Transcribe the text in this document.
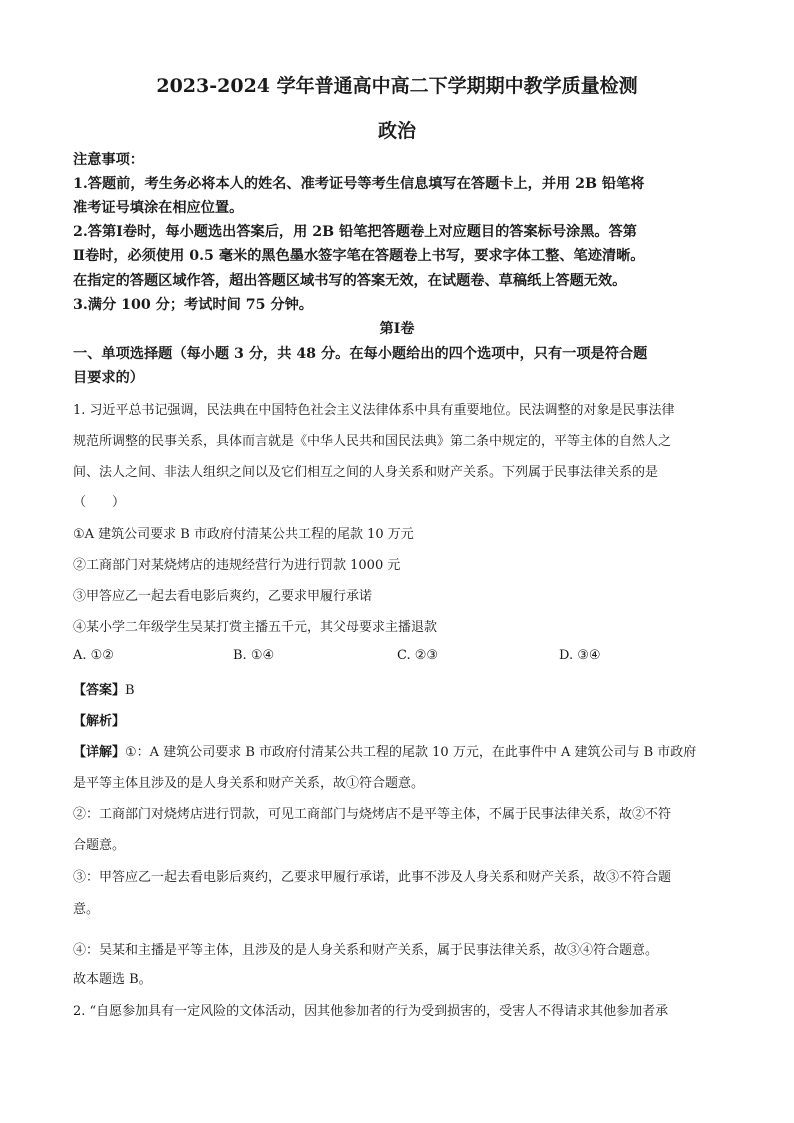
2023-2024 学年普通高中高二下学期期中教学质量检测
政治
注意事项：
1.答题前，考生务必将本人的姓名、准考证号等考生信息填写在答题卡上，并用 2B 铅笔将
准考证号填涂在相应位置。
2.答第Ⅰ卷时，每小题选出答案后，用 2B 铅笔把答题卷上对应题目的答案标号涂黑。答第
Ⅱ卷时，必须使用 0.5 毫米的黑色墨水签字笔在答题卷上书写，要求字体工整、笔迹清晰。
在指定的答题区域作答，超出答题区域书写的答案无效，在试题卷、草稿纸上答题无效。
3.满分 100 分；考试时间 75 分钟。
第Ⅰ卷
一、单项选择题（每小题 3 分，共 48 分。在每小题给出的四个选项中，只有一项是符合题
目要求的）
1. 习近平总书记强调，民法典在中国特色社会主义法律体系中具有重要地位。民法调整的对象是民事法律
规范所调整的民事关系，具体而言就是《中华人民共和国民法典》第二条中规定的，平等主体的自然人之
间、法人之间、非法人组织之间以及它们相互之间的人身关系和财产关系。下列属于民事法律关系的是
（　　）
①A 建筑公司要求 B 市政府付清某公共工程的尾款 10 万元
②工商部门对某烧烤店的违规经营行为进行罚款 1000 元
③甲答应乙一起去看电影后爽约，乙要求甲履行承诺
④某小学二年级学生吴某打赏主播五千元，其父母要求主播退款
A. ①②	B. ①④	C. ②③	D. ③④
【答案】B
【解析】
【详解】①：A 建筑公司要求 B 市政府付清某公共工程的尾款 10 万元，在此事件中 A 建筑公司与 B 市政府
是平等主体且涉及的是人身关系和财产关系，故①符合题意。
②：工商部门对烧烤店进行罚款，可见工商部门与烧烤店不是平等主体，不属于民事法律关系，故②不符
合题意。
③：甲答应乙一起去看电影后爽约，乙要求甲履行承诺，此事不涉及人身关系和财产关系，故③不符合题
意。
④：吴某和主播是平等主体，且涉及的是人身关系和财产关系，属于民事法律关系，故③④符合题意。
故本题选 B。
2. “自愿参加具有一定风险的文体活动，因其他参加者的行为受到损害的，受害人不得请求其他参加者承
